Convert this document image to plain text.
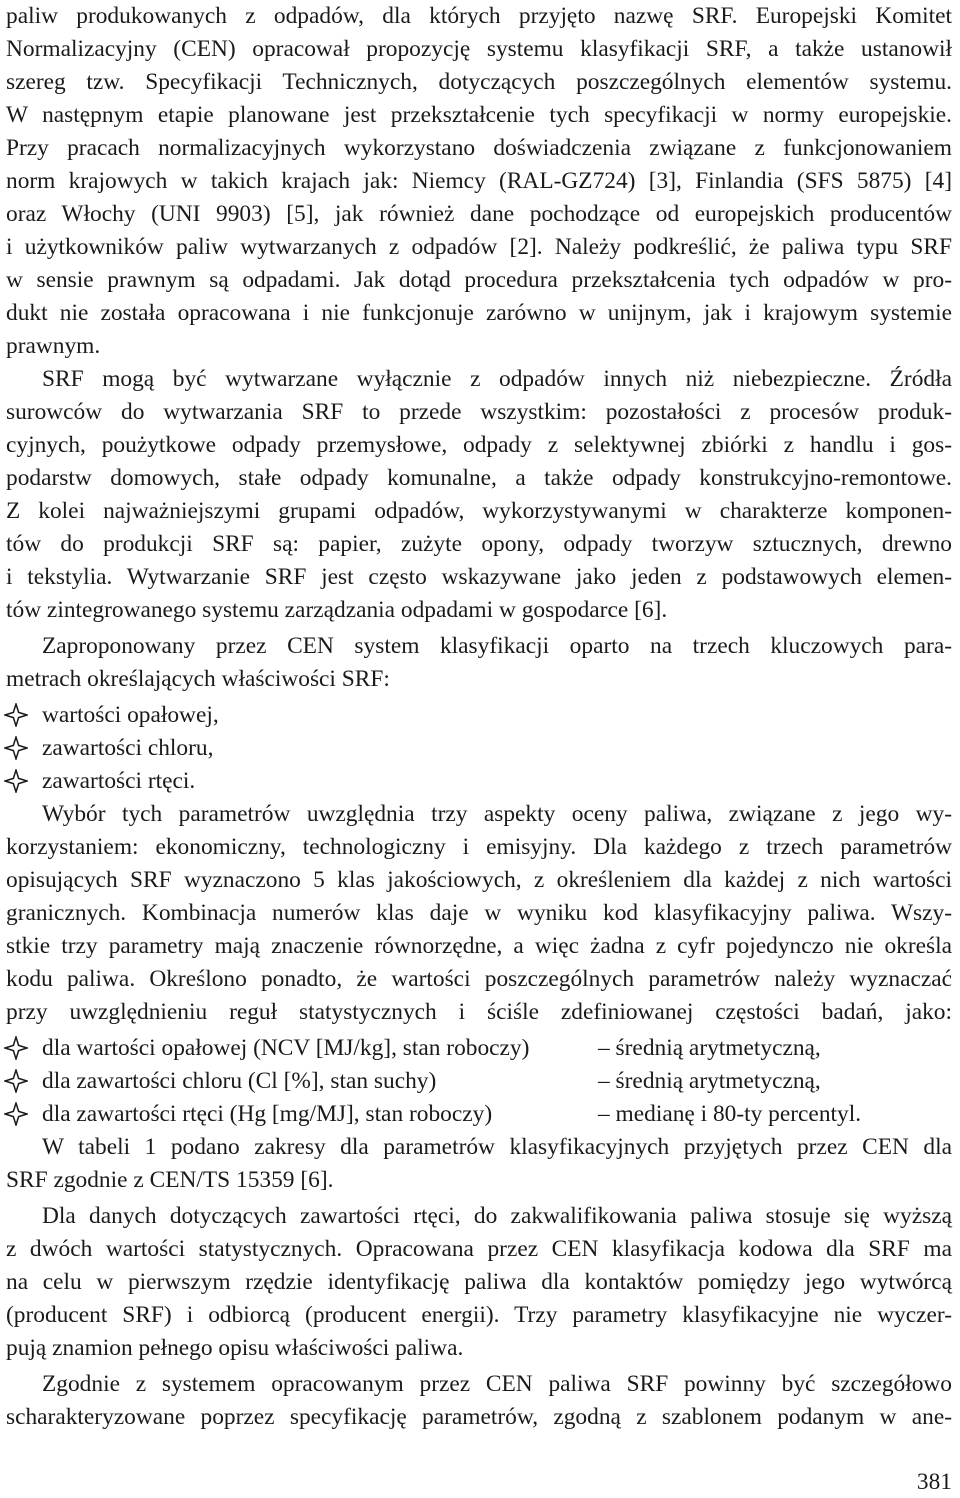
paliw produkowanych z odpadów, dla których przyjęto nazwę SRF. Europejski Komitet
Normalizacyjny (CEN) opracował propozycję systemu klasyfikacji SRF, a także ustanowił
szereg tzw. Specyfikacji Technicznych, dotyczących poszczególnych elementów systemu.
W następnym etapie planowane jest przekształcenie tych specyfikacji w normy europejskie.
Przy pracach normalizacyjnych wykorzystano doświadczenia związane z funkcjonowaniem
norm krajowych w takich krajach jak: Niemcy (RAL-GZ724) [3], Finlandia (SFS 5875) [4]
oraz Włochy (UNI 9903) [5], jak również dane pochodzące od europejskich producentów
i użytkowników paliw wytwarzanych z odpadów [2]. Należy podkreślić, że paliwa typu SRF
w sensie prawnym są odpadami. Jak dotąd procedura przekształcenia tych odpadów w pro-
dukt nie została opracowana i nie funkcjonuje zarówno w unijnym, jak i krajowym systemie
prawnym.
SRF mogą być wytwarzane wyłącznie z odpadów innych niż niebezpieczne. Źródła
surowców do wytwarzania SRF to przede wszystkim: pozostałości z procesów produk-
cyjnych, poużytkowe odpady przemysłowe, odpady z selektywnej zbiórki z handlu i gos-
podarstw domowych, stałe odpady komunalne, a także odpady konstrukcyjno-remontowe.
Z kolei najważniejszymi grupami odpadów, wykorzystywanymi w charakterze komponen-
tów do produkcji SRF są: papier, zużyte opony, odpady tworzyw sztucznych, drewno
i tekstylia. Wytwarzanie SRF jest często wskazywane jako jeden z podstawowych elemen-
tów zintegrowanego systemu zarządzania odpadami w gospodarce [6].
Zaproponowany przez CEN system klasyfikacji oparto na trzech kluczowych para-
metrach określających właściwości SRF:
wartości opałowej,
zawartości chloru,
zawartości rtęci.
Wybór tych parametrów uwzględnia trzy aspekty oceny paliwa, związane z jego wy-
korzystaniem: ekonomiczny, technologiczny i emisyjny. Dla każdego z trzech parametrów
opisujących SRF wyznaczono 5 klas jakościowych, z określeniem dla każdej z nich wartości
granicznych. Kombinacja numerów klas daje w wyniku kod klasyfikacyjny paliwa. Wszy-
stkie trzy parametry mają znaczenie równorzędne, a więc żadna z cyfr pojedynczo nie określa
kodu paliwa. Określono ponadto, że wartości poszczególnych parametrów należy wyznaczać
przy uwzględnieniu reguł statystycznych i ściśle zdefiniowanej częstości badań, jako:
dla wartości opałowej (NCV [MJ/kg], stan roboczy)	– średnią arytmetyczną,
dla zawartości chloru (Cl [%], stan suchy)	– średnią arytmetyczną,
dla zawartości rtęci (Hg [mg/MJ], stan roboczy)	– medianę i 80-ty percentyl.
W tabeli 1 podano zakresy dla parametrów klasyfikacyjnych przyjętych przez CEN dla
SRF zgodnie z CEN/TS 15359 [6].
Dla danych dotyczących zawartości rtęci, do zakwalifikowania paliwa stosuje się wyższą
z dwóch wartości statystycznych. Opracowana przez CEN klasyfikacja kodowa dla SRF ma
na celu w pierwszym rzędzie identyfikację paliwa dla kontaktów pomiędzy jego wytwórcą
(producent SRF) i odbiorcą (producent energii). Trzy parametry klasyfikacyjne nie wyczer-
pują znamion pełnego opisu właściwości paliwa.
Zgodnie z systemem opracowanym przez CEN paliwa SRF powinny być szczegółowo
scharakteryzowane poprzez specyfikację parametrów, zgodną z szablonem podanym w ane-
381
